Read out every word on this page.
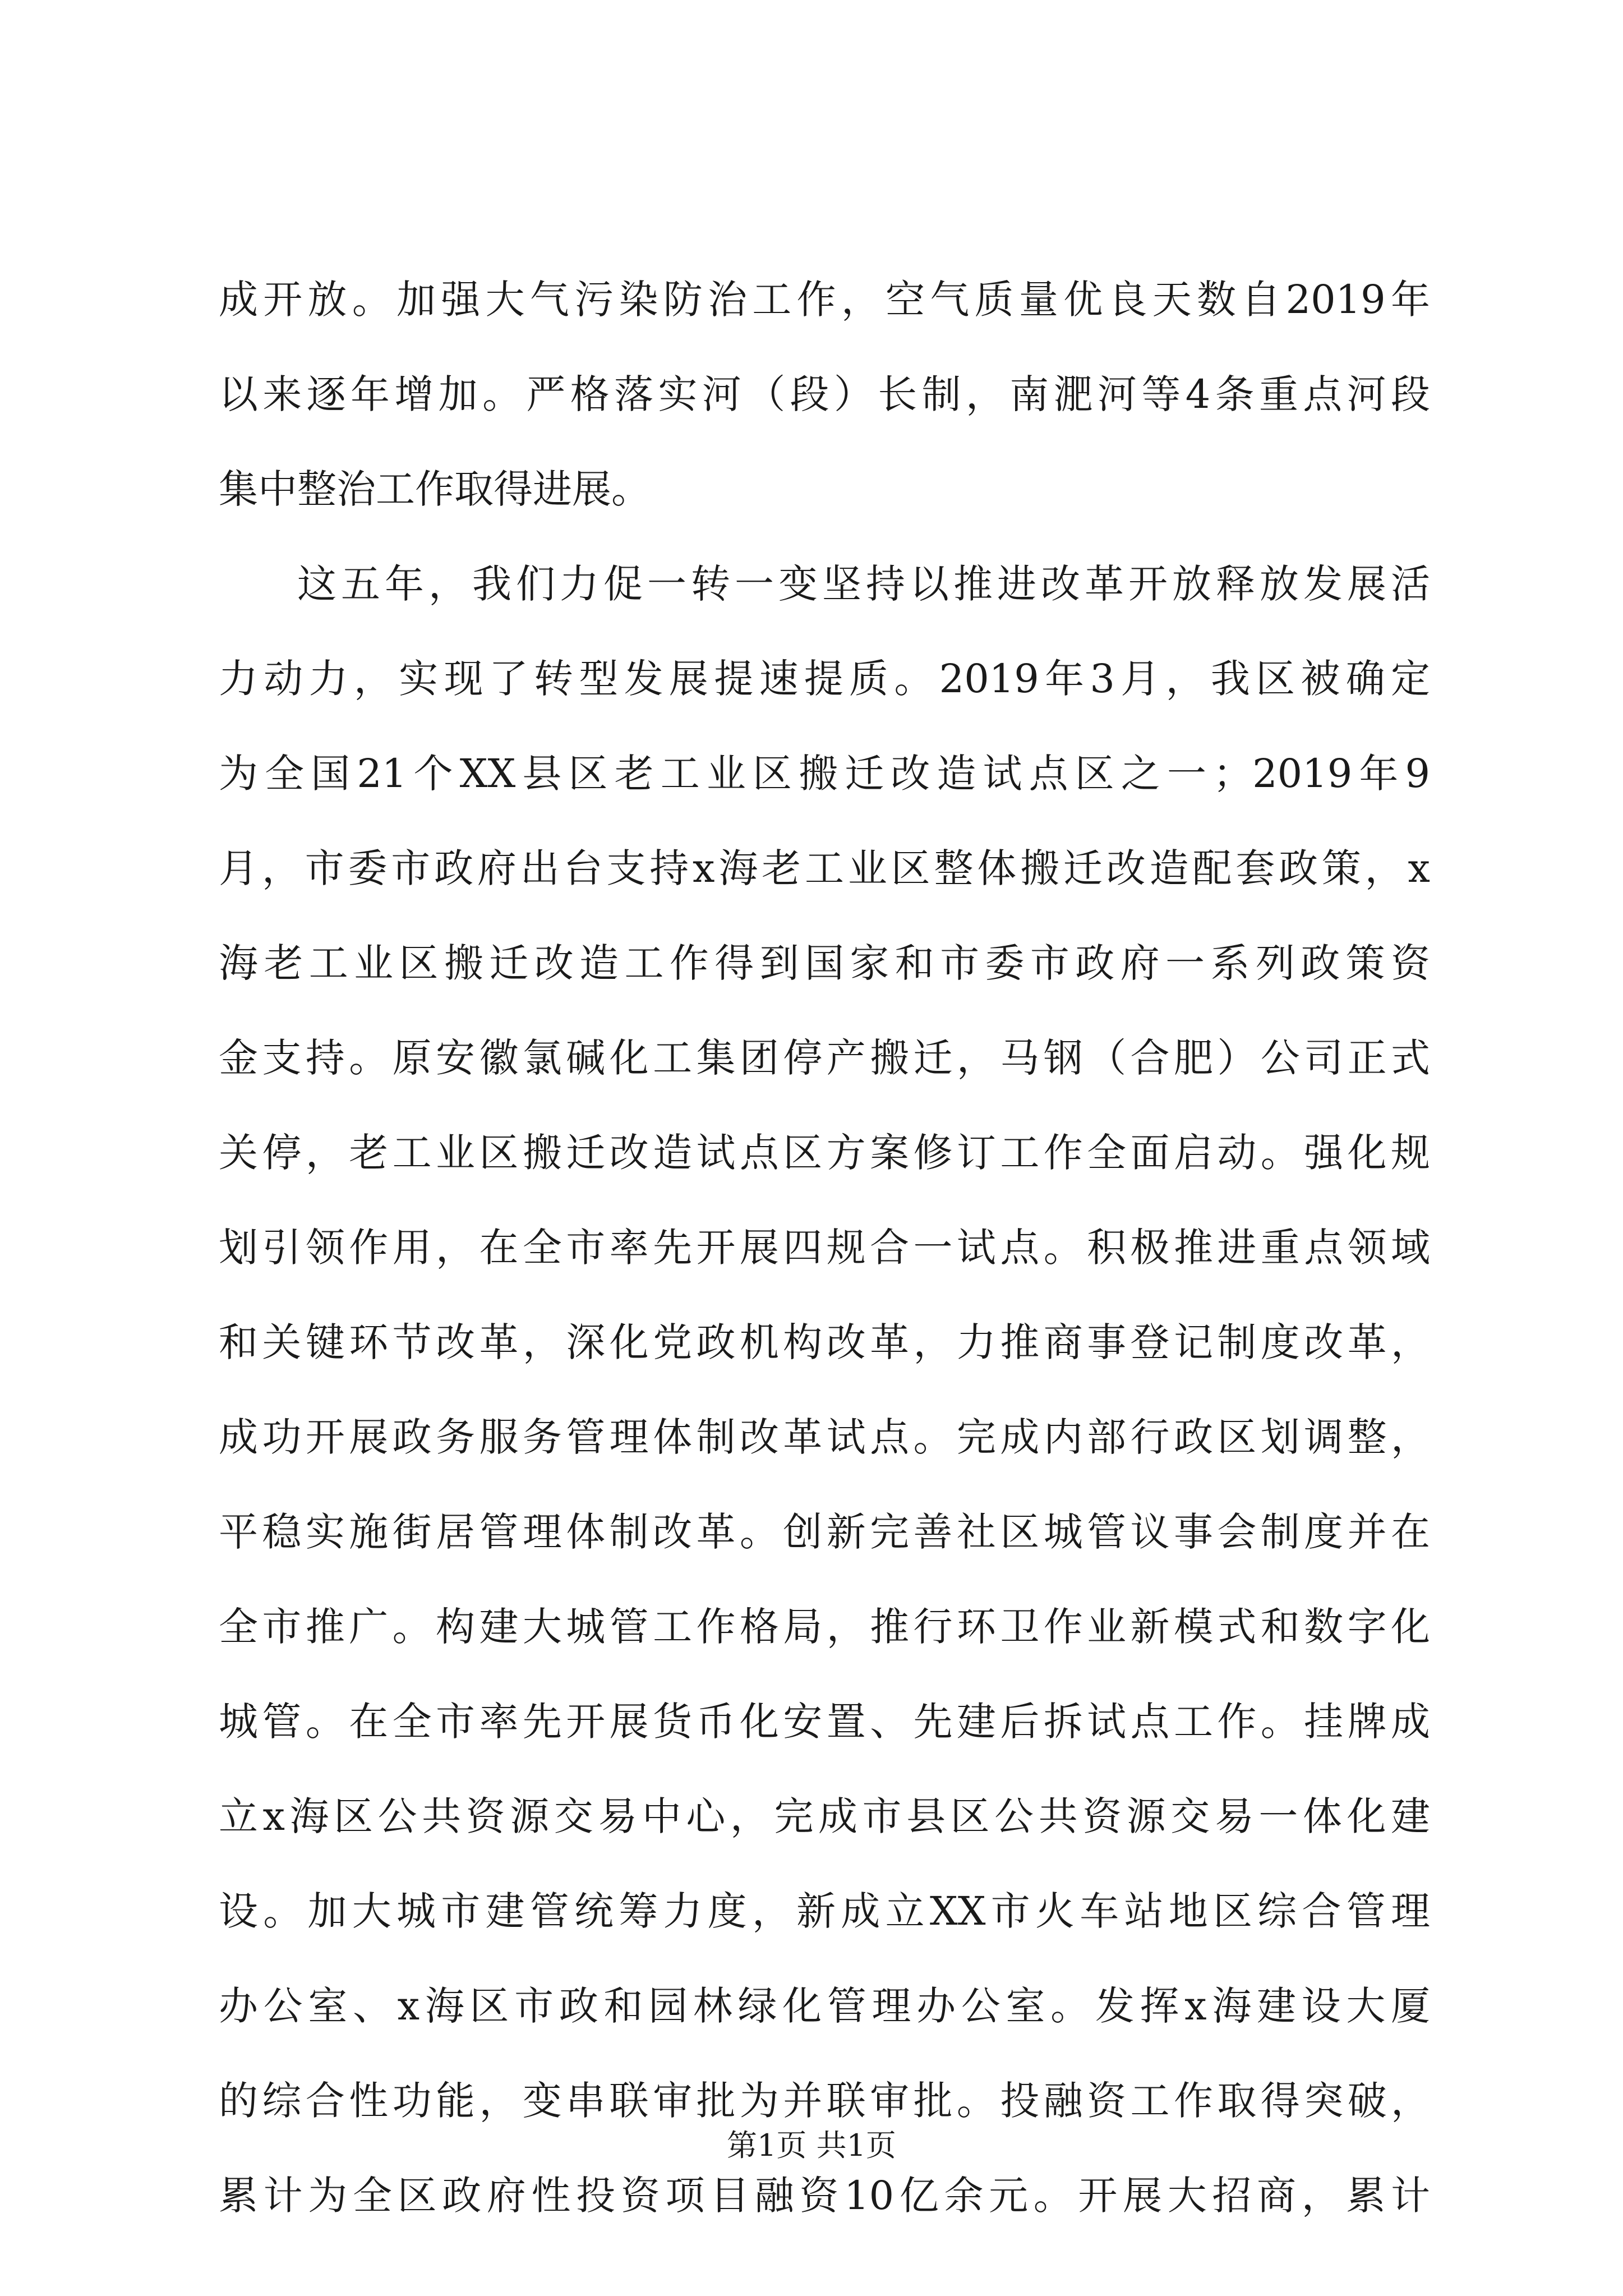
成开放。加强大气污染防治工作，空气质量优良天数自2019年
以来逐年增加。严格落实河（段）长制，南淝河等4条重点河段
集中整治工作取得进展。
这五年，我们力促一转一变坚持以推进改革开放释放发展活
力动力，实现了转型发展提速提质。2019年3月，我区被确定
为全国21个XX县区老工业区搬迁改造试点区之一；2019年9
月，市委市政府出台支持x海老工业区整体搬迁改造配套政策，x
海老工业区搬迁改造工作得到国家和市委市政府一系列政策资
金支持。原安徽氯碱化工集团停产搬迁，马钢（合肥）公司正式
关停，老工业区搬迁改造试点区方案修订工作全面启动。强化规
划引领作用，在全市率先开展四规合一试点。积极推进重点领域
和关键环节改革，深化党政机构改革，力推商事登记制度改革，
成功开展政务服务管理体制改革试点。完成内部行政区划调整，
平稳实施街居管理体制改革。创新完善社区城管议事会制度并在
全市推广。构建大城管工作格局，推行环卫作业新模式和数字化
城管。在全市率先开展货币化安置、先建后拆试点工作。挂牌成
立x海区公共资源交易中心，完成市县区公共资源交易一体化建
设。加大城市建管统筹力度，新成立XX市火车站地区综合管理
办公室、x海区市政和园林绿化管理办公室。发挥x海建设大厦
的综合性功能，变串联审批为并联审批。投融资工作取得突破，
累计为全区政府性投资项目融资10亿余元。开展大招商，累计
第1页 共1页
